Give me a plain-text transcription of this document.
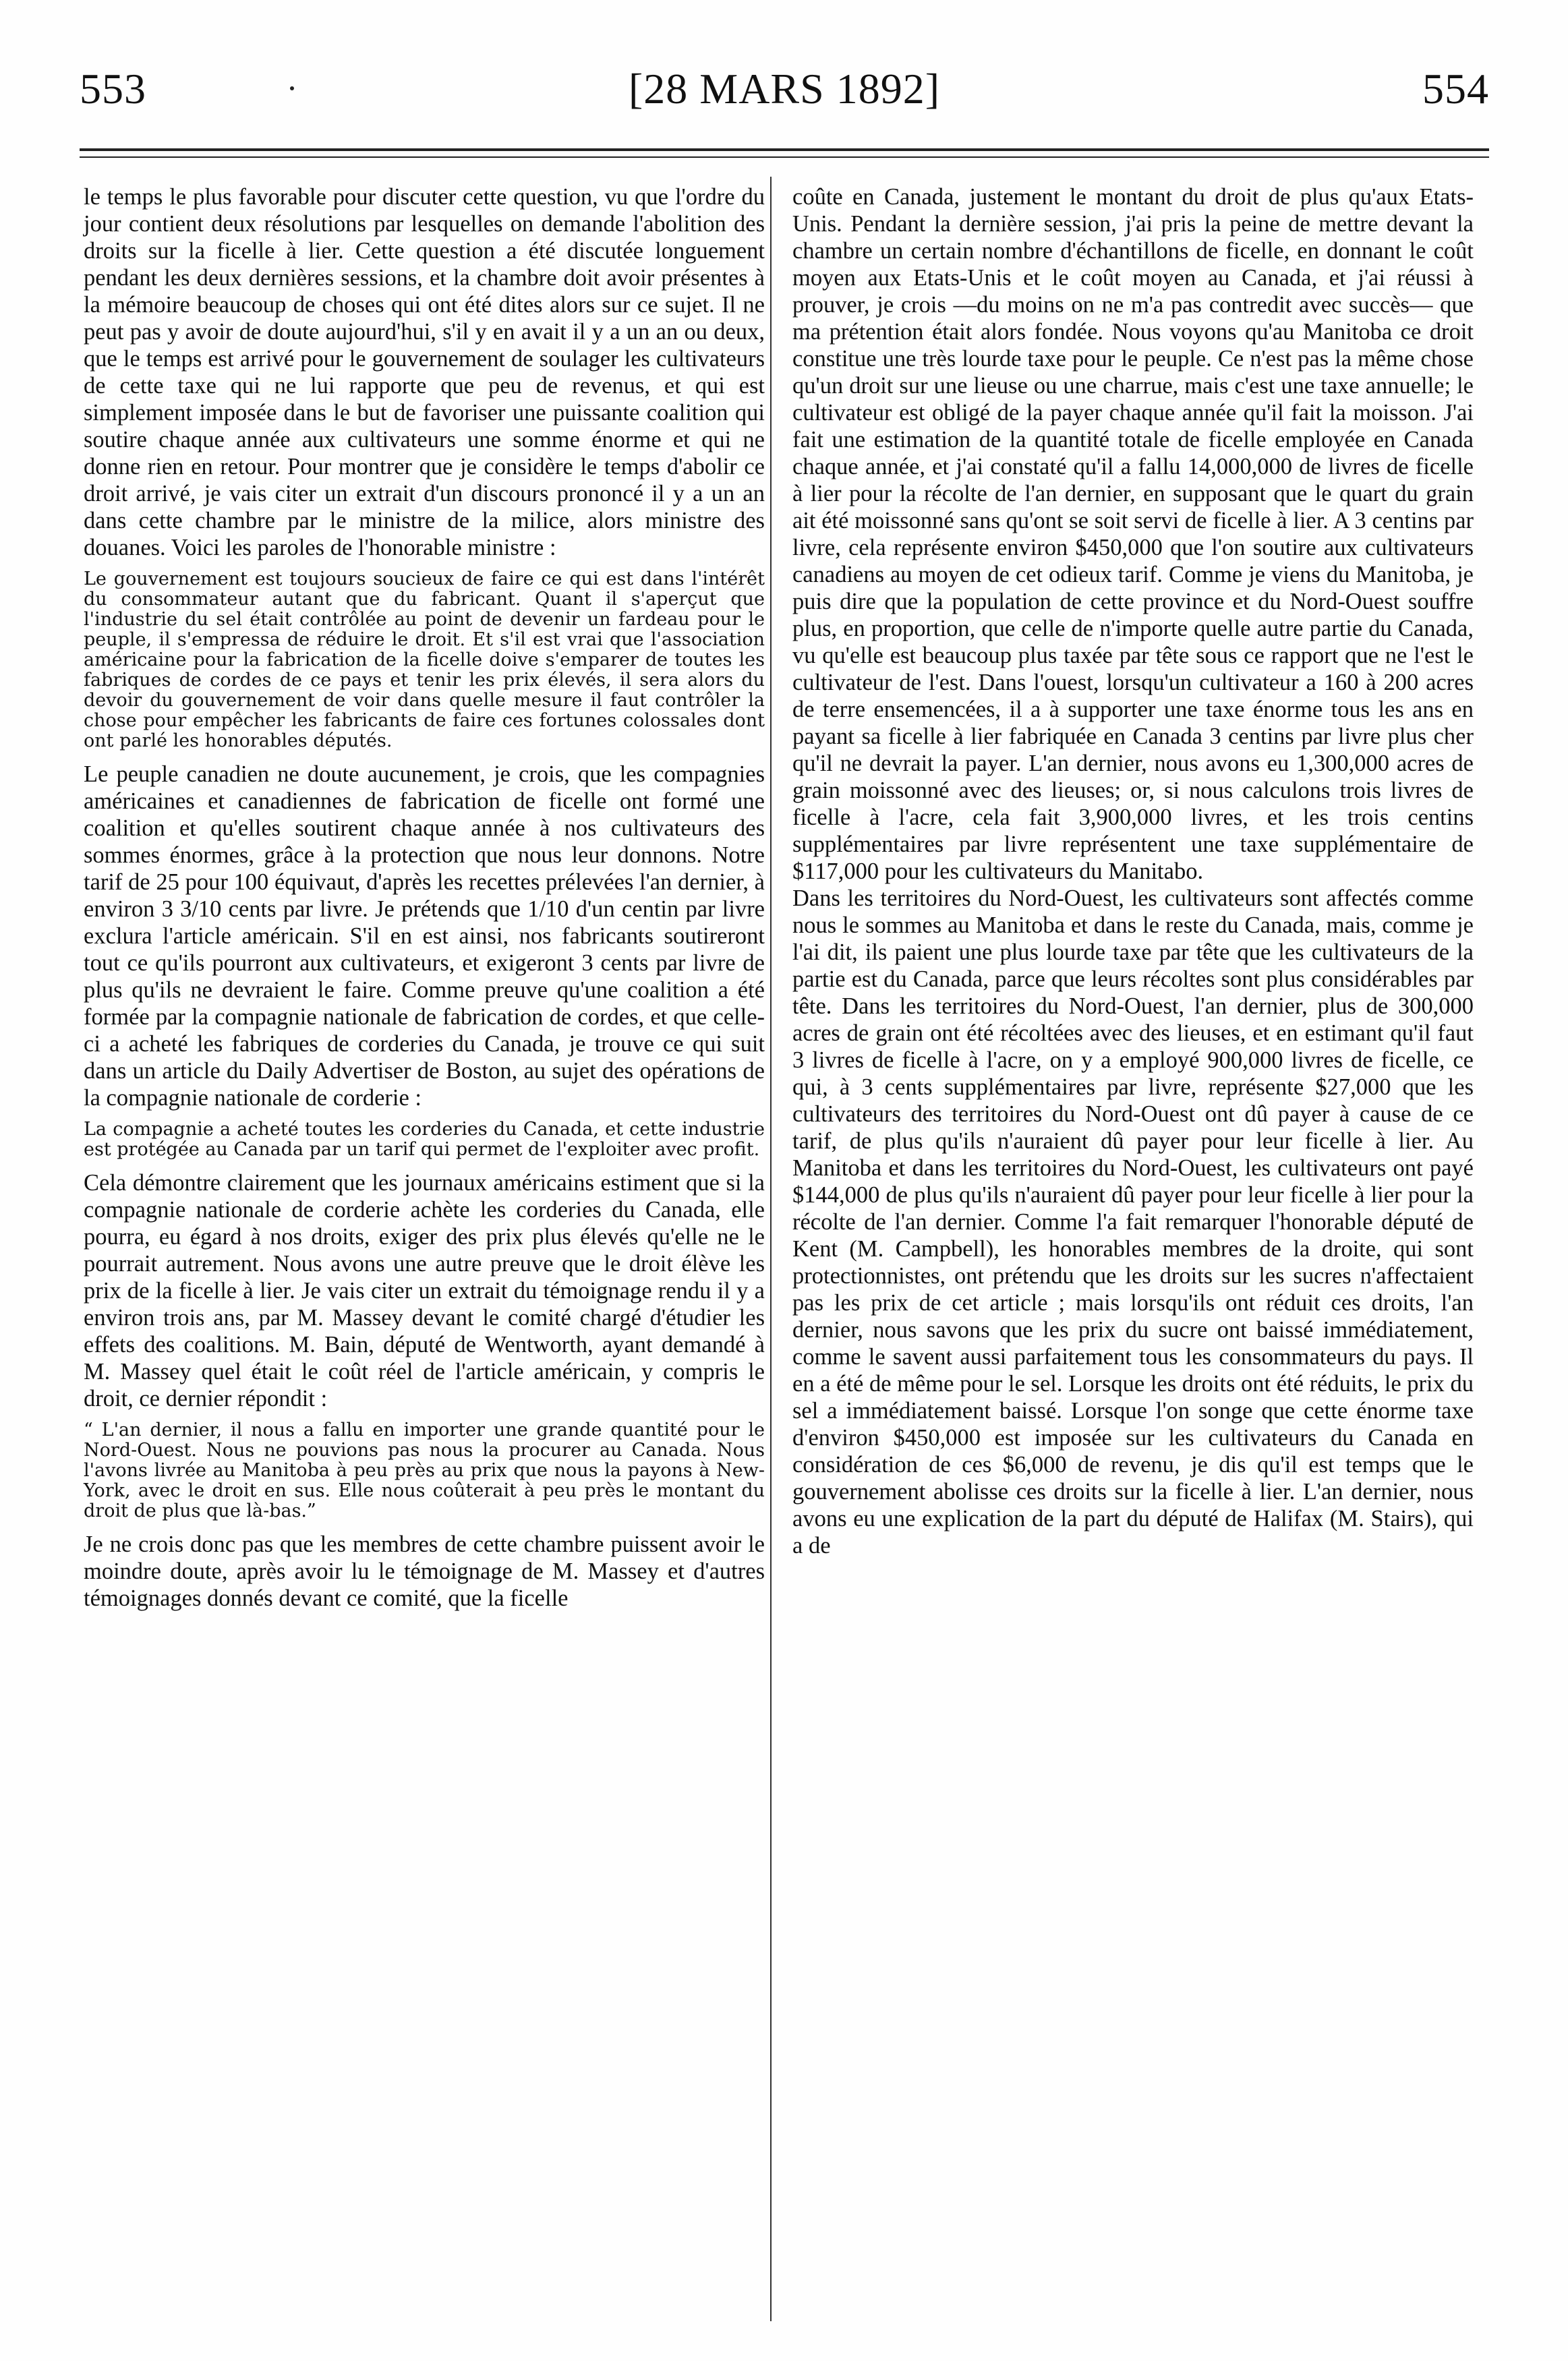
553	[28 MARS 1892]	554

le temps le plus favorable pour discuter cette question, vu que l'ordre du jour contient deux résolutions par lesquelles on demande l'abolition des droits sur la ficelle à lier. Cette question a été discutée longuement pendant les deux dernières sessions, et la chambre doit avoir présentes à la mémoire beaucoup de choses qui ont été dites alors sur ce sujet. Il ne peut pas y avoir de doute aujourd'hui, s'il y en avait il y a un an ou deux, que le temps est arrivé pour le gouvernement de soulager les cultivateurs de cette taxe qui ne lui rapporte que peu de revenus, et qui est simplement imposée dans le but de favoriser une puissante coalition qui soutire chaque année aux cultivateurs une somme énorme et qui ne donne rien en retour. Pour montrer que je considère le temps d'abolir ce droit arrivé, je vais citer un extrait d'un discours prononcé il y a un an dans cette chambre par le ministre de la milice, alors ministre des douanes. Voici les paroles de l'honorable ministre :

Le gouvernement est toujours soucieux de faire ce qui est dans l'intérêt du consommateur autant que du fabricant. Quant il s'aperçut que l'industrie du sel était contrôlée au point de devenir un fardeau pour le peuple, il s'empressa de réduire le droit. Et s'il est vrai que l'association américaine pour la fabrication de la ficelle doive s'emparer de toutes les fabriques de cordes de ce pays et tenir les prix élevés, il sera alors du devoir du gouvernement de voir dans quelle mesure il faut contrôler la chose pour empêcher les fabricants de faire ces fortunes colossales dont ont parlé les honorables députés.

Le peuple canadien ne doute aucunement, je crois, que les compagnies américaines et canadiennes de fabrication de ficelle ont formé une coalition et qu'elles soutirent chaque année à nos cultivateurs des sommes énormes, grâce à la protection que nous leur donnons. Notre tarif de 25 pour 100 équivaut, d'après les recettes prélevées l'an dernier, à environ 3 3/10 cents par livre. Je prétends que 1/10 d'un centin par livre exclura l'article américain. S'il en est ainsi, nos fabricants soutireront tout ce qu'ils pourront aux cultivateurs, et exigeront 3 cents par livre de plus qu'ils ne devraient le faire. Comme preuve qu'une coalition a été formée par la compagnie nationale de fabrication de cordes, et que celle-ci a acheté les fabriques de corderies du Canada, je trouve ce qui suit dans un article du Daily Advertiser de Boston, au sujet des opérations de la compagnie nationale de corderie :

La compagnie a acheté toutes les corderies du Canada, et cette industrie est protégée au Canada par un tarif qui permet de l'exploiter avec profit.

Cela démontre clairement que les journaux américains estiment que si la compagnie nationale de corderie achète les corderies du Canada, elle pourra, eu égard à nos droits, exiger des prix plus élevés qu'elle ne le pourrait autrement. Nous avons une autre preuve que le droit élève les prix de la ficelle à lier. Je vais citer un extrait du témoignage rendu il y a environ trois ans, par M. Massey devant le comité chargé d'étudier les effets des coalitions. M. Bain, député de Wentworth, ayant demandé à M. Massey quel était le coût réel de l'article américain, y compris le droit, ce dernier répondit :

“ L'an dernier, il nous a fallu en importer une grande quantité pour le Nord-Ouest. Nous ne pouvions pas nous la procurer au Canada. Nous l'avons livrée au Manitoba à peu près au prix que nous la payons à New-York, avec le droit en sus. Elle nous coûterait à peu près le montant du droit de plus que là-bas.”

Je ne crois donc pas que les membres de cette chambre puissent avoir le moindre doute, après avoir lu le témoignage de M. Massey et d'autres témoignages donnés devant ce comité, que la ficelle

coûte en Canada, justement le montant du droit de plus qu'aux Etats-Unis. Pendant la dernière session, j'ai pris la peine de mettre devant la chambre un certain nombre d'échantillons de ficelle, en donnant le coût moyen aux Etats-Unis et le coût moyen au Canada, et j'ai réussi à prouver, je crois —du moins on ne m'a pas contredit avec succès— que ma prétention était alors fondée. Nous voyons qu'au Manitoba ce droit constitue une très lourde taxe pour le peuple. Ce n'est pas la même chose qu'un droit sur une lieuse ou une charrue, mais c'est une taxe annuelle; le cultivateur est obligé de la payer chaque année qu'il fait la moisson. J'ai fait une estimation de la quantité totale de ficelle employée en Canada chaque année, et j'ai constaté qu'il a fallu 14,000,000 de livres de ficelle à lier pour la récolte de l'an dernier, en supposant que le quart du grain ait été moissonné sans qu'ont se soit servi de ficelle à lier. A 3 centins par livre, cela représente environ $450,000 que l'on soutire aux cultivateurs canadiens au moyen de cet odieux tarif. Comme je viens du Manitoba, je puis dire que la population de cette province et du Nord-Ouest souffre plus, en proportion, que celle de n'importe quelle autre partie du Canada, vu qu'elle est beaucoup plus taxée par tête sous ce rapport que ne l'est le cultivateur de l'est. Dans l'ouest, lorsqu'un cultivateur a 160 à 200 acres de terre ensemencées, il a à supporter une taxe énorme tous les ans en payant sa ficelle à lier fabriquée en Canada 3 centins par livre plus cher qu'il ne devrait la payer. L'an dernier, nous avons eu 1,300,000 acres de grain moissonné avec des lieuses; or, si nous calculons trois livres de ficelle à l'acre, cela fait 3,900,000 livres, et les trois centins supplémentaires par livre représentent une taxe supplémentaire de $117,000 pour les cultivateurs du Manitabo.

Dans les territoires du Nord-Ouest, les cultivateurs sont affectés comme nous le sommes au Manitoba et dans le reste du Canada, mais, comme je l'ai dit, ils paient une plus lourde taxe par tête que les cultivateurs de la partie est du Canada, parce que leurs récoltes sont plus considérables par tête. Dans les territoires du Nord-Ouest, l'an dernier, plus de 300,000 acres de grain ont été récoltées avec des lieuses, et en estimant qu'il faut 3 livres de ficelle à l'acre, on y a employé 900,000 livres de ficelle, ce qui, à 3 cents supplémentaires par livre, représente $27,000 que les cultivateurs des territoires du Nord-Ouest ont dû payer à cause de ce tarif, de plus qu'ils n'auraient dû payer pour leur ficelle à lier. Au Manitoba et dans les territoires du Nord-Ouest, les cultivateurs ont payé $144,000 de plus qu'ils n'auraient dû payer pour leur ficelle à lier pour la récolte de l'an dernier. Comme l'a fait remarquer l'honorable député de Kent (M. Campbell), les honorables membres de la droite, qui sont protectionnistes, ont prétendu que les droits sur les sucres n'affectaient pas les prix de cet article ; mais lorsqu'ils ont réduit ces droits, l'an dernier, nous savons que les prix du sucre ont baissé immédiatement, comme le savent aussi parfaitement tous les consommateurs du pays. Il en a été de même pour le sel. Lorsque les droits ont été réduits, le prix du sel a immédiatement baissé. Lorsque l'on songe que cette énorme taxe d'environ $450,000 est imposée sur les cultivateurs du Canada en considération de ces $6,000 de revenu, je dis qu'il est temps que le gouvernement abolisse ces droits sur la ficelle à lier. L'an dernier, nous avons eu une explication de la part du député de Halifax (M. Stairs), qui a de
